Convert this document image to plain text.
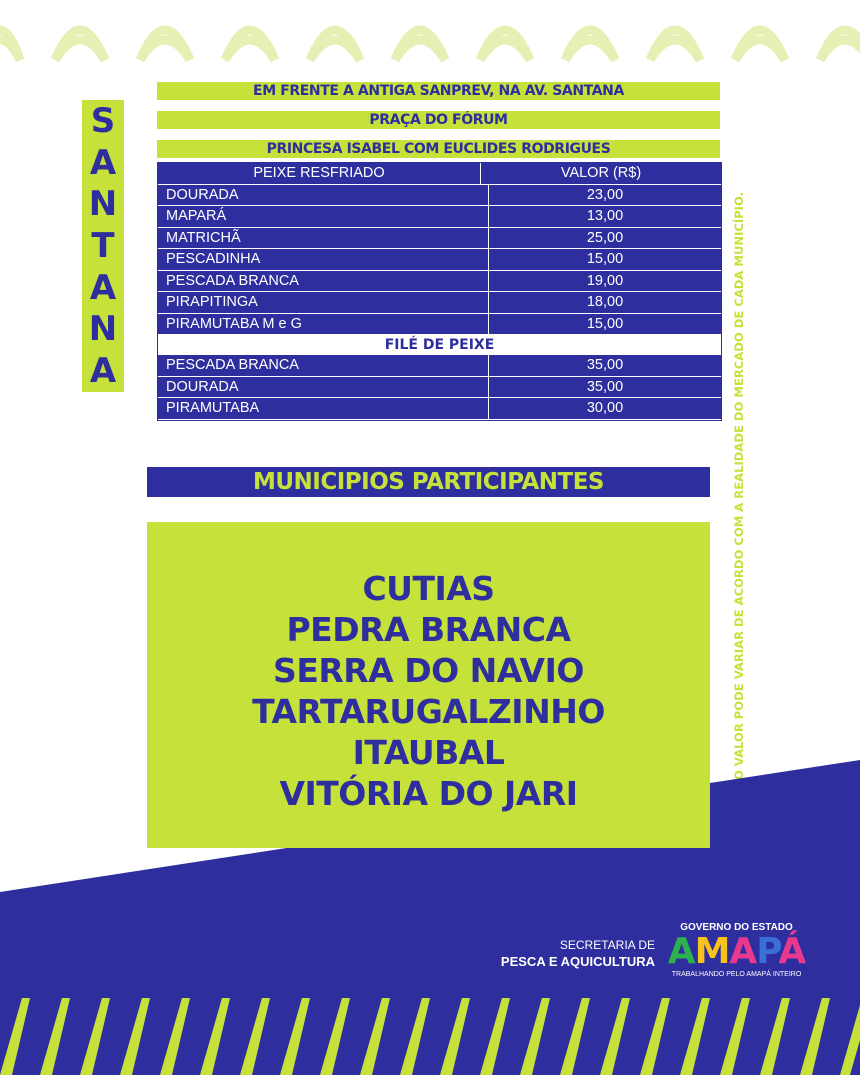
S
A
N
T
A
N
A
EM FRENTE A ANTIGA SANPREV, NA AV. SANTANA
PRAÇA DO FÓRUM
PRINCESA ISABEL COM EUCLIDES RODRIGUES
PEIXE RESFRIADO	VALOR (R$)
DOURADA	23,00
MAPARÁ	13,00
MATRICHÃ	25,00
PESCADINHA	15,00
PESCADA BRANCA	19,00
PIRAPITINGA	18,00
PIRAMUTABA M e G	15,00
FILÉ DE PEIXE
PESCADA BRANCA	35,00
DOURADA	35,00
PIRAMUTABA	30,00	O VALOR PODE VARIAR DE ACORDO COM A REALIDADE DO MERCADO DE CADA MUNICÍPIO.
MUNICIPIOS PARTICIPANTES
CUTIAS
PEDRA BRANCA
SERRA DO NAVIO
TARTARUGALZINHO
ITAUBAL
VITÓRIA DO JARI
SECRETARIA DE
PESCA E AQUICULTURA
GOVERNO DO ESTADO
AMAPÁ
TRABALHANDO PELO AMAPÁ INTEIRO
